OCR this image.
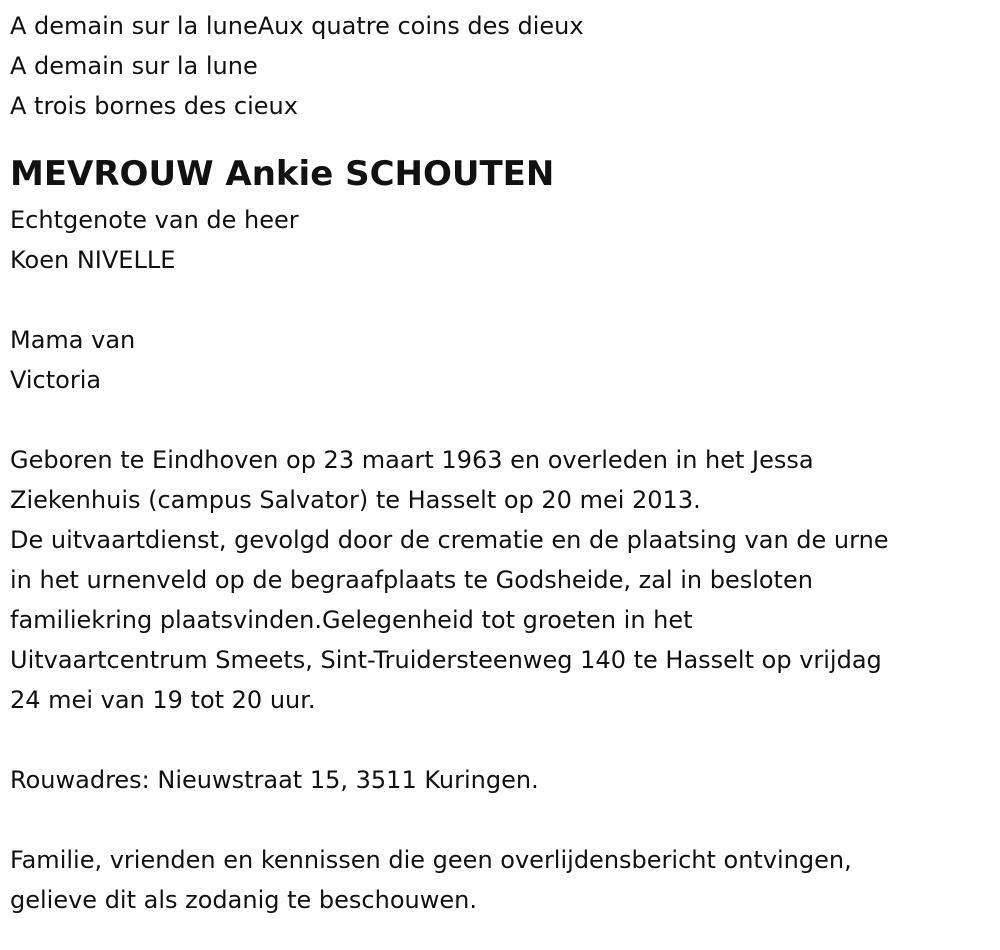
A demain sur la luneAux quatre coins des dieux

A demain sur la lune

A trois bornes des cieux

MEVROUW Ankie SCHOUTEN

Echtgenote van de heer

Koen NIVELLE

Mama van

Victoria

Geboren te Eindhoven op 23 maart 1963 en overleden in het Jessa

Ziekenhuis (campus Salvator) te Hasselt op 20 mei 2013.

De uitvaartdienst, gevolgd door de crematie en de plaatsing van de urne

in het urnenveld op de begraafplaats te Godsheide, zal in besloten

familiekring plaatsvinden.Gelegenheid tot groeten in het

Uitvaartcentrum Smeets, Sint-Truidersteenweg 140 te Hasselt op vrijdag

24 mei van 19 tot 20 uur.

Rouwadres: Nieuwstraat 15, 3511 Kuringen.

Familie, vrienden en kennissen die geen overlijdensbericht ontvingen,

gelieve dit als zodanig te beschouwen.
